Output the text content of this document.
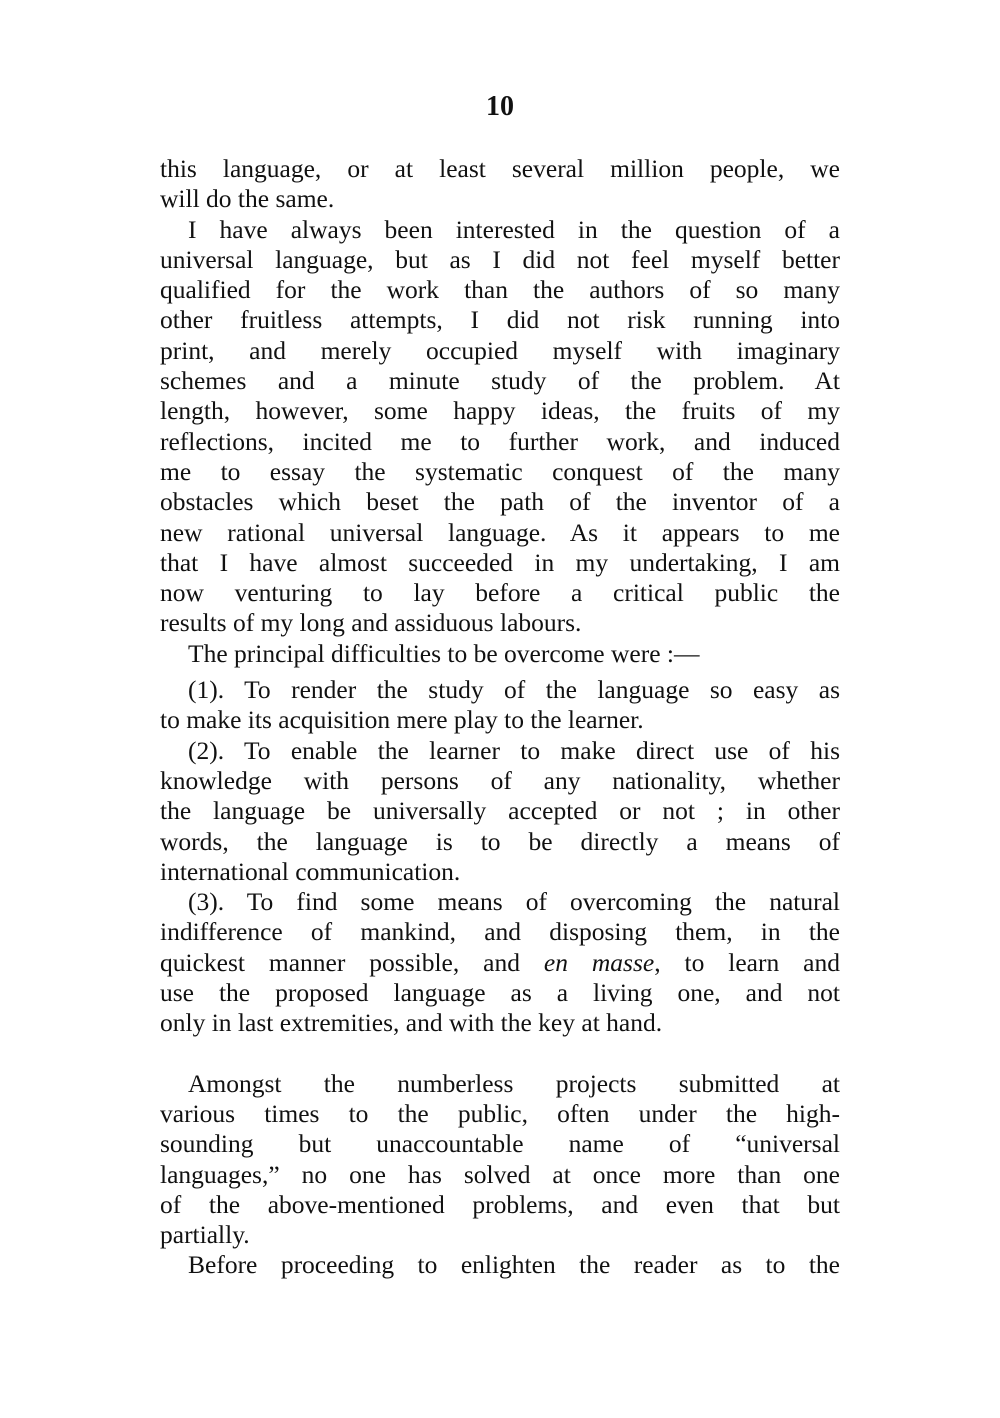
10
this language, or at least several million people, we
will do the same.
I have always been interested in the question of a
universal language, but as I did not feel myself better
qualified for the work than the authors of so many
other fruitless attempts, I did not risk running into
print, and merely occupied myself with imaginary
schemes and a minute study of the problem. At
length, however, some happy ideas, the fruits of my
reflections, incited me to further work, and induced
me to essay the systematic conquest of the many
obstacles which beset the path of the inventor of a
new rational universal language. As it appears to me
that I have almost succeeded in my undertaking, I am
now venturing to lay before a critical public the
results of my long and assiduous labours.
The principal difficulties to be overcome were :—
(1). To render the study of the language so easy as
to make its acquisition mere play to the learner.
(2). To enable the learner to make direct use of his
knowledge with persons of any nationality, whether
the language be universally accepted or not ; in other
words, the language is to be directly a means of
international communication.
(3). To find some means of overcoming the natural
indifference of mankind, and disposing them, in the
quickest manner possible, and en masse, to learn and
use the proposed language as a living one, and not
only in last extremities, and with the key at hand.
Amongst the numberless projects submitted at
various times to the public, often under the high-
sounding but unaccountable name of “universal
languages,” no one has solved at once more than one
of the above-mentioned problems, and even that but
partially.
Before proceeding to enlighten the reader as to the
